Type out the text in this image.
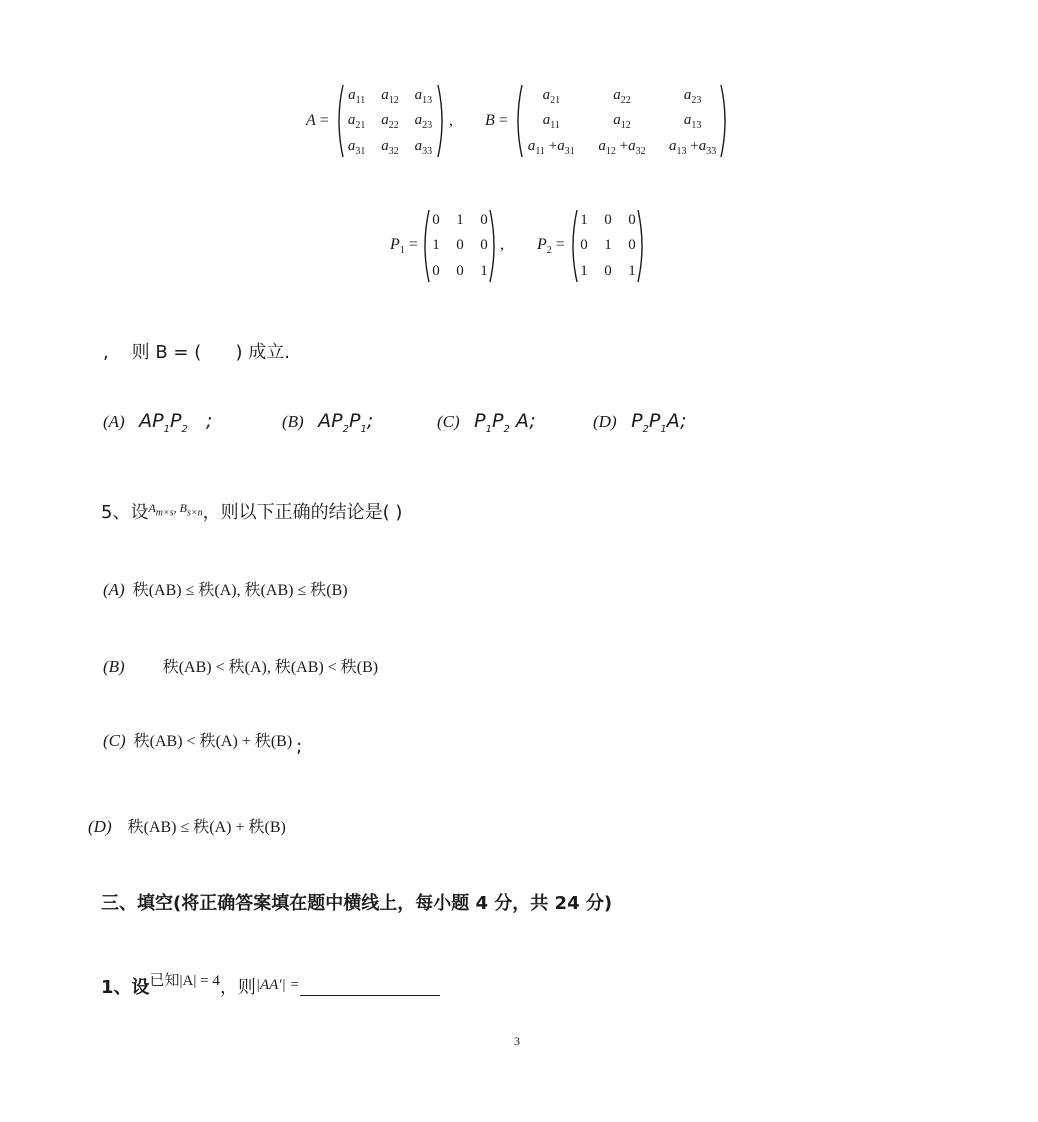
A =
$a_{11}$ $a_{12}$ $a_{13}$
$a_{21}$ $a_{22}$ $a_{23}$
$a_{31}$ $a_{32}$ $a_{33}$
, B =
$a_{21}$	$a_{22}$	$a_{23}$
$a_{11}$	$a_{12}$	$a_{13}$
$a_{11} +a_{31}$ $a_{12} +a_{32}$ $a_{13} +a_{33}$
$P_1$ =
0 1 0
1 0 0
0 0 1
, $P_2$ =
1 0 0
0 1 0
1 0 1
,    则 B = (      ) 成立.
(A) $AP_1P_2$   ;	(B) $AP_2P_1$;	(C) $P_1P_2$ A;	(D) $P_2P_1A$;
5、设$^{A_{m\times s}, B_{s\times n}}$，则以下正确的结论是( )
(A) 秩(AB) ≤ 秩(A), 秩(AB) ≤ 秩(B)
(B) 秩(AB) < 秩(A), 秩(AB) < 秩(B)
(C) 秩(AB) < 秩(A) + 秩(B) ;
(D) 秩(AB) ≤ 秩(A) + 秩(B)
三、填空(将正确答案填在题中横线上，每小题 4 分，共 24 分)
1、设$^{已知|A| = 4}$，则$^{|AA'| =}$
3
